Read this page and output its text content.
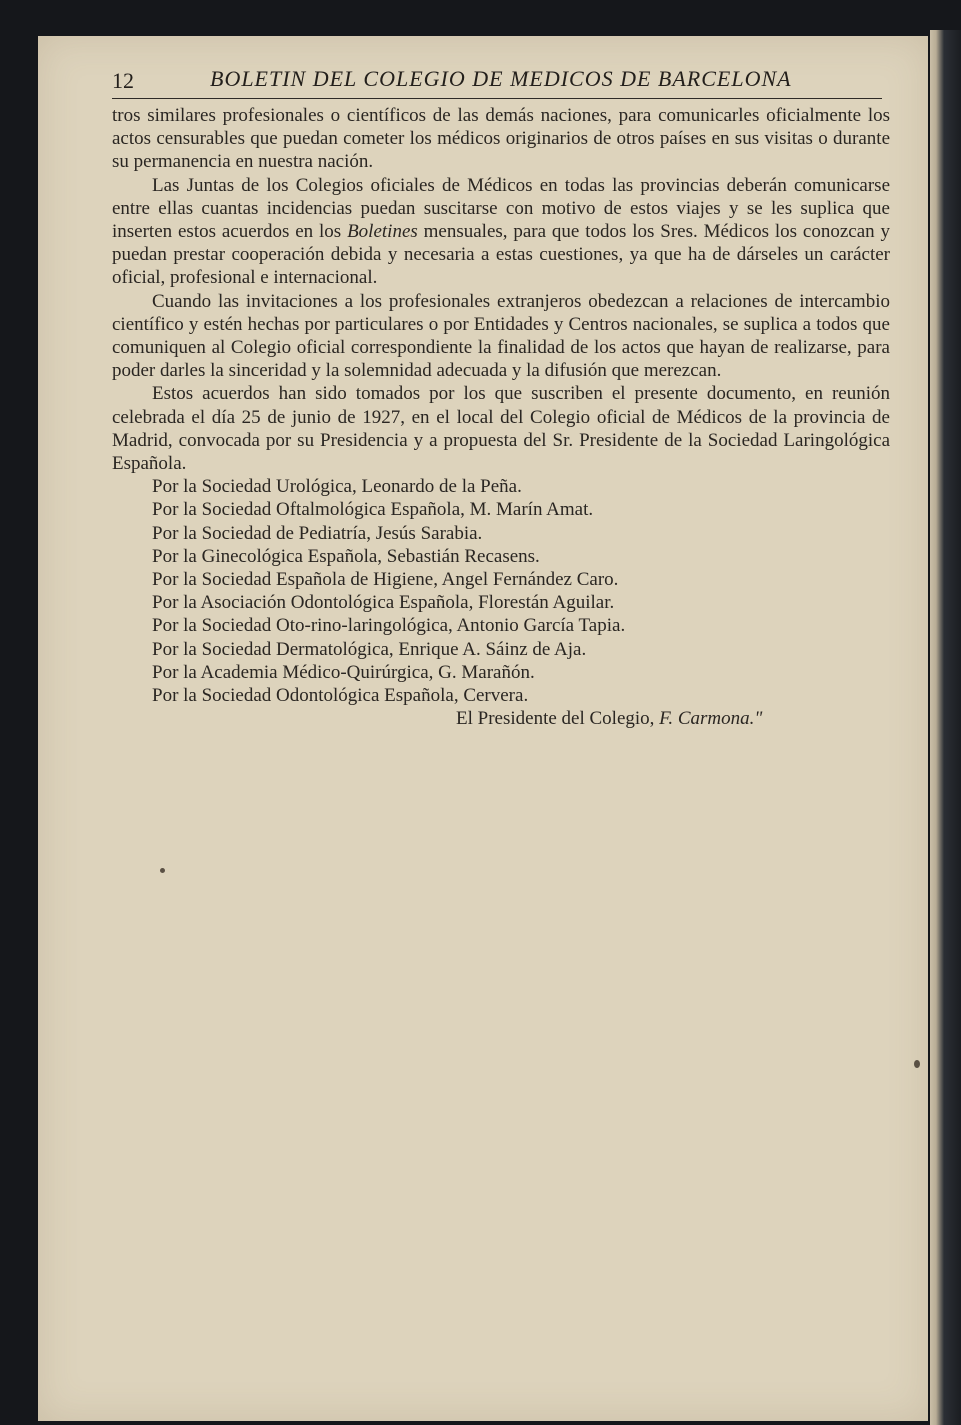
12	BOLETIN DEL COLEGIO DE MEDICOS DE BARCELONA

tros similares profesionales o científicos de las demás naciones, para comunicarles oficialmente los actos censurables que puedan cometer los médicos originarios de otros países en sus visitas o durante su permanencia en nuestra nación.

Las Juntas de los Colegios oficiales de Médicos en todas las provincias deberán comunicarse entre ellas cuantas incidencias puedan suscitarse con motivo de estos viajes y se les suplica que inserten estos acuerdos en los Boletines mensuales, para que todos los Sres. Médicos los conozcan y puedan prestar cooperación debida y necesaria a estas cuestiones, ya que ha de dárseles un carácter oficial, profesional e internacional.

Cuando las invitaciones a los profesionales extranjeros obedezcan a relaciones de intercambio científico y estén hechas por particulares o por Entidades y Centros nacionales, se suplica a todos que comuniquen al Colegio oficial correspondiente la finalidad de los actos que hayan de realizarse, para poder darles la sinceridad y la solemnidad adecuada y la difusión que merezcan.

Estos acuerdos han sido tomados por los que suscriben el presente documento, en reunión celebrada el día 25 de junio de 1927, en el local del Colegio oficial de Médicos de la provincia de Madrid, convocada por su Presidencia y a propuesta del Sr. Presidente de la Sociedad Laringológica Española.

Por la Sociedad Urológica, Leonardo de la Peña.
Por la Sociedad Oftalmológica Española, M. Marín Amat.
Por la Sociedad de Pediatría, Jesús Sarabia.
Por la Ginecológica Española, Sebastián Recasens.
Por la Sociedad Española de Higiene, Angel Fernández Caro.
Por la Asociación Odontológica Española, Florestán Aguilar.
Por la Sociedad Oto-rino-laringológica, Antonio García Tapia.
Por la Sociedad Dermatológica, Enrique A. Sáinz de Aja.
Por la Academia Médico-Quirúrgica, G. Marañón.
Por la Sociedad Odontológica Española, Cervera.

El Presidente del Colegio, F. Carmona."
